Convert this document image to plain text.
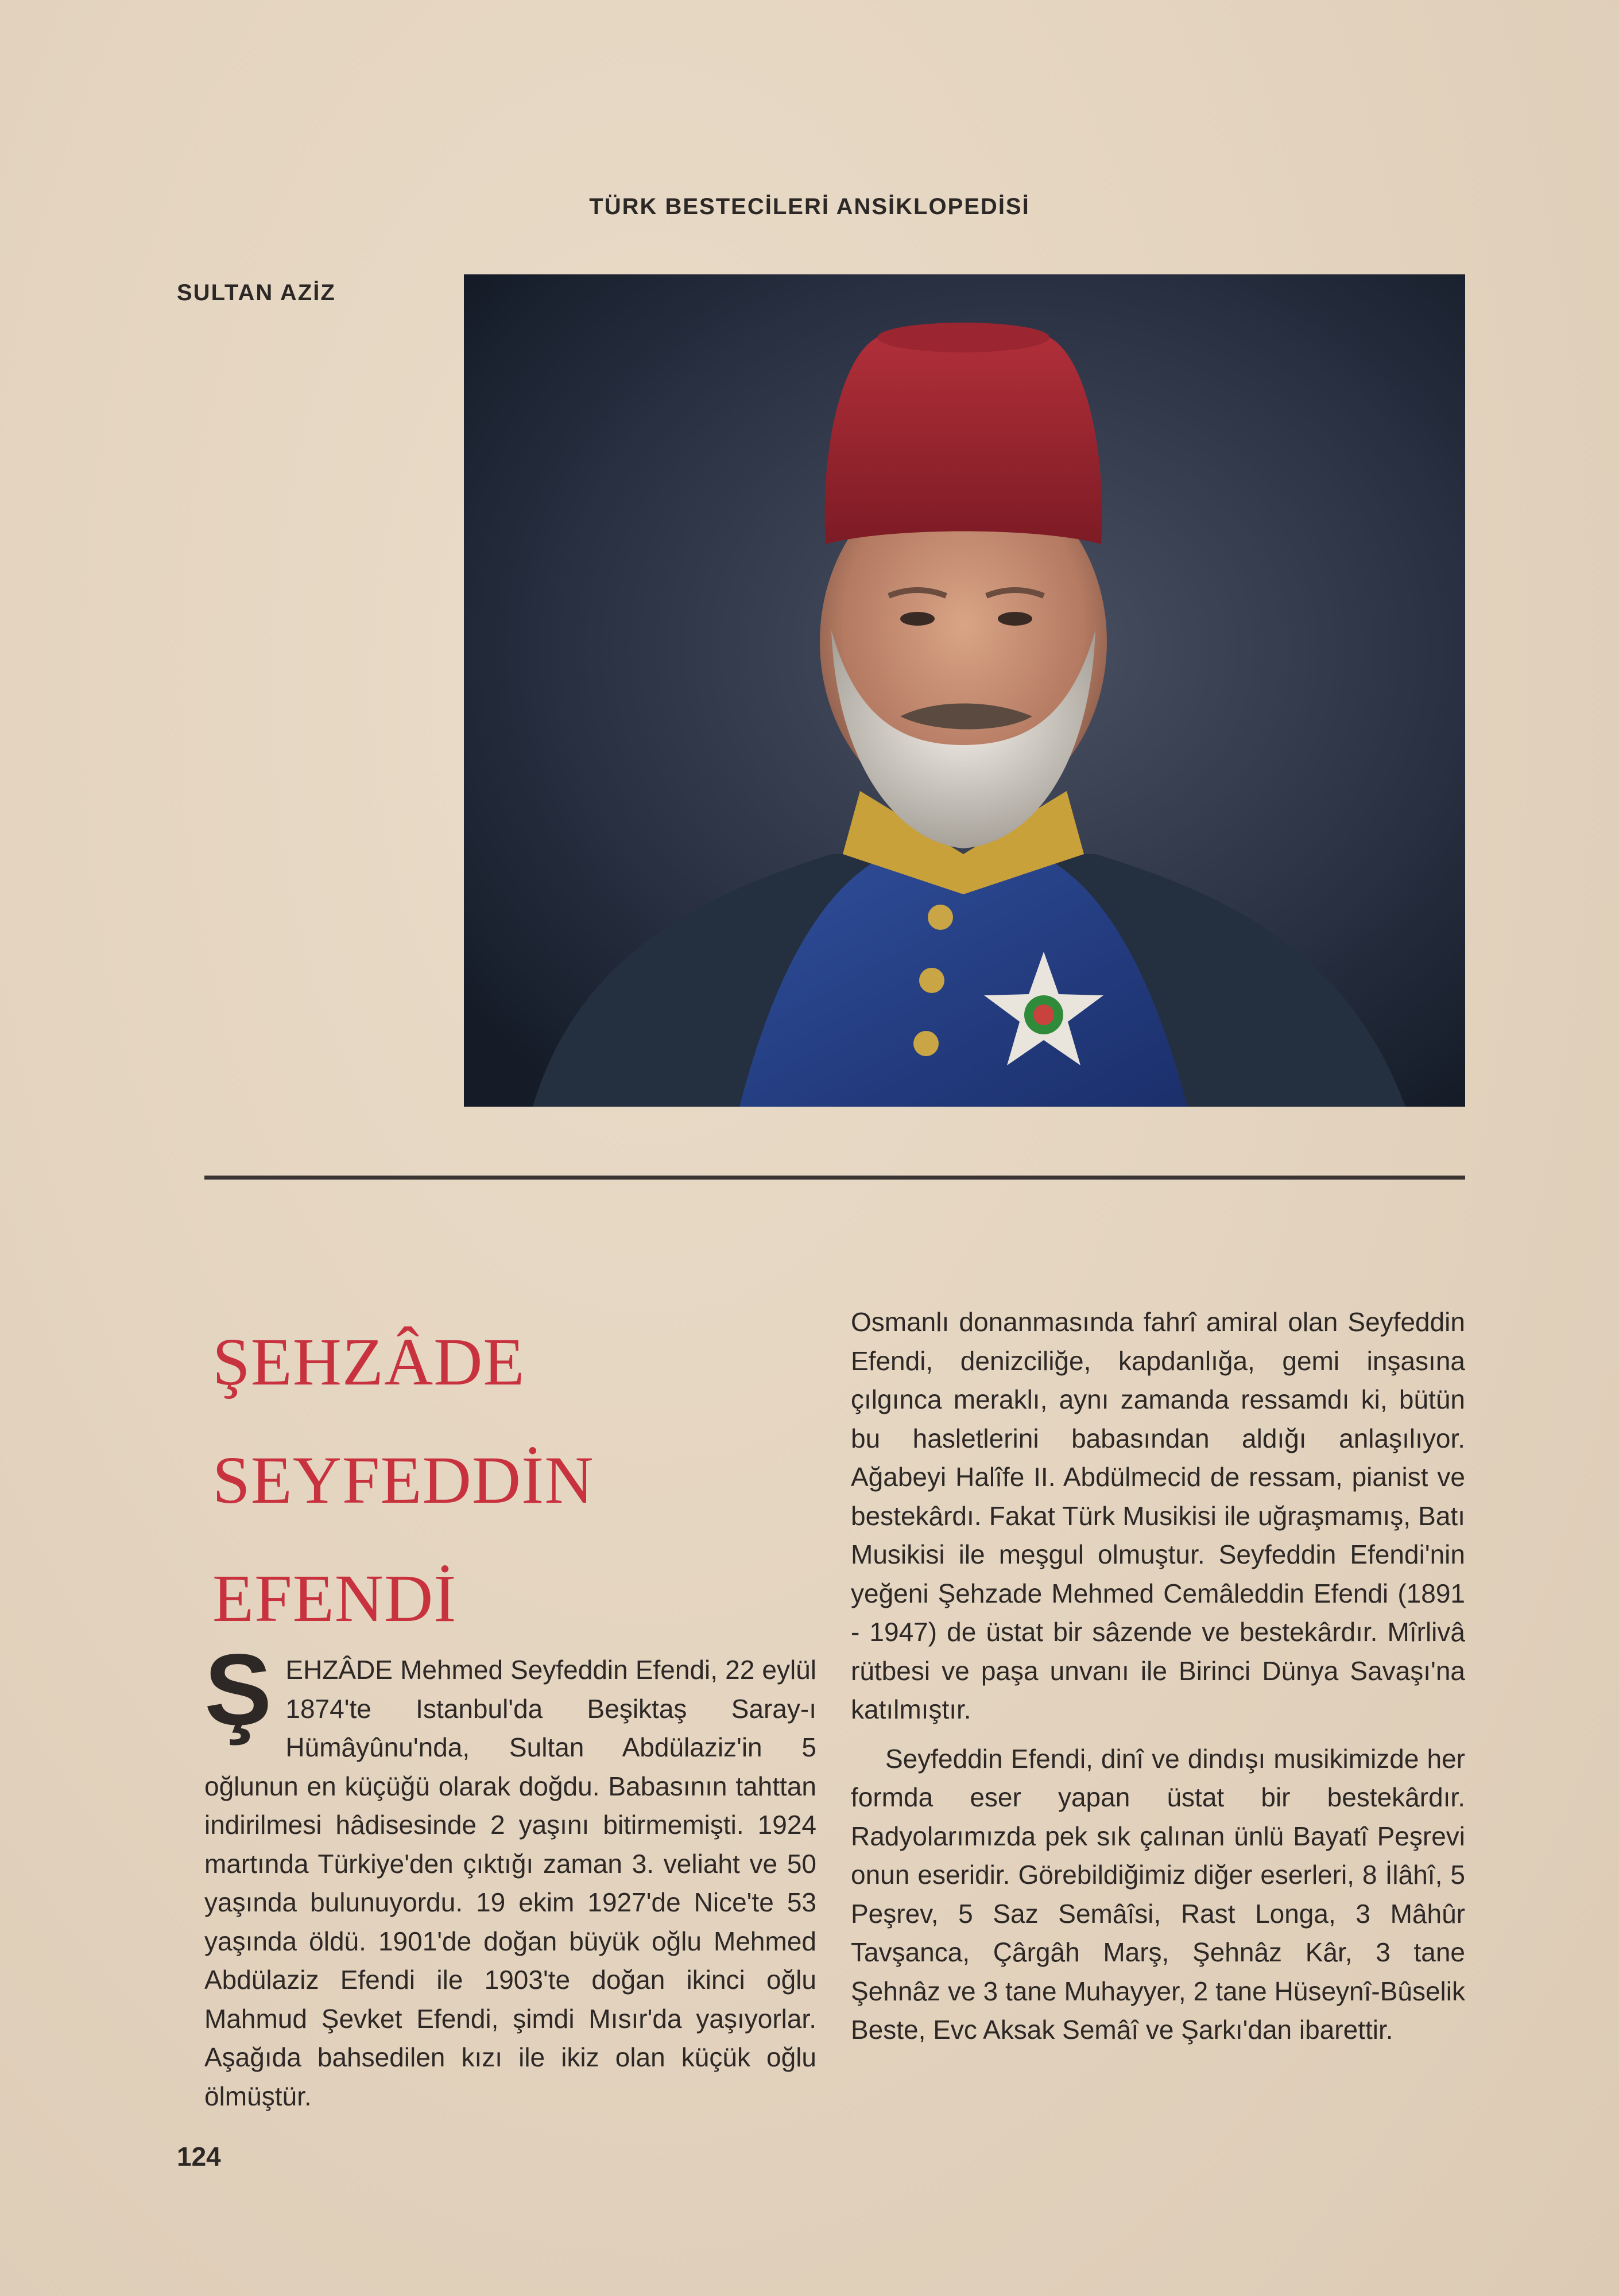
TÜRK BESTECİLERİ ANSİKLOPEDİSİ
SULTAN AZİZ
ŞEHZÂDE
SEYFEDDİN
EFENDİ
Ş EHZÂDE Mehmed Seyfeddin Efendi, 22 eylül 1874'te Istanbul'da Beşiktaş Saray-ı Hümâyûnu'nda, Sultan Abdülaziz'in 5 oğlunun en küçüğü olarak doğdu. Babasının tahttan indirilmesi hâdisesinde 2 yaşını bitirmemişti. 1924 martında Türkiye'den çıktığı zaman 3. veliaht ve 50 yaşında bulunuyordu. 19 ekim 1927'de Nice'te 53 yaşında öldü. 1901'de doğan büyük oğlu Mehmed Abdülaziz Efendi ile 1903'te doğan ikinci oğlu Mahmud Şevket Efendi, şimdi Mısır'da yaşıyorlar. Aşağıda bahsedilen kızı ile ikiz olan küçük oğlu ölmüştür.

Osmanlı donanmasında fahrî amiral olan Seyfeddin Efendi, denizciliğe, kapdanlığa, gemi inşasına çılgınca meraklı, aynı zamanda ressamdı ki, bütün bu hasletlerini babasından aldığı anlaşılıyor. Ağabeyi Halîfe II. Abdülmecid de ressam, pianist ve bestekârdı. Fakat Türk Musikisi ile uğraşmamış, Batı Musikisi ile meşgul olmuştur. Seyfeddin Efendi'nin yeğeni Şehzade Mehmed Cemâleddin Efendi (1891 - 1947) de üstat bir sâzende ve bestekârdır. Mîrlivâ rütbesi ve paşa unvanı ile Birinci Dünya Savaşı'na katılmıştır.

Seyfeddin Efendi, dinî ve dindışı musikimizde her formda eser yapan üstat bir bestekârdır. Radyolarımızda pek sık çalınan ünlü Bayatî Peşrevi onun eseridir. Görebildiğimiz diğer eserleri, 8 İlâhî, 5 Peşrev, 5 Saz Semâîsi, Rast Longa, 3 Mâhûr Tavşanca, Çârgâh Marş, Şehnâz Kâr, 3 tane Şehnâz ve 3 tane Muhayyer, 2 tane Hüseynî-Bûselik Beste, Evc Aksak Semâî ve Şarkı'dan ibarettir.

124
